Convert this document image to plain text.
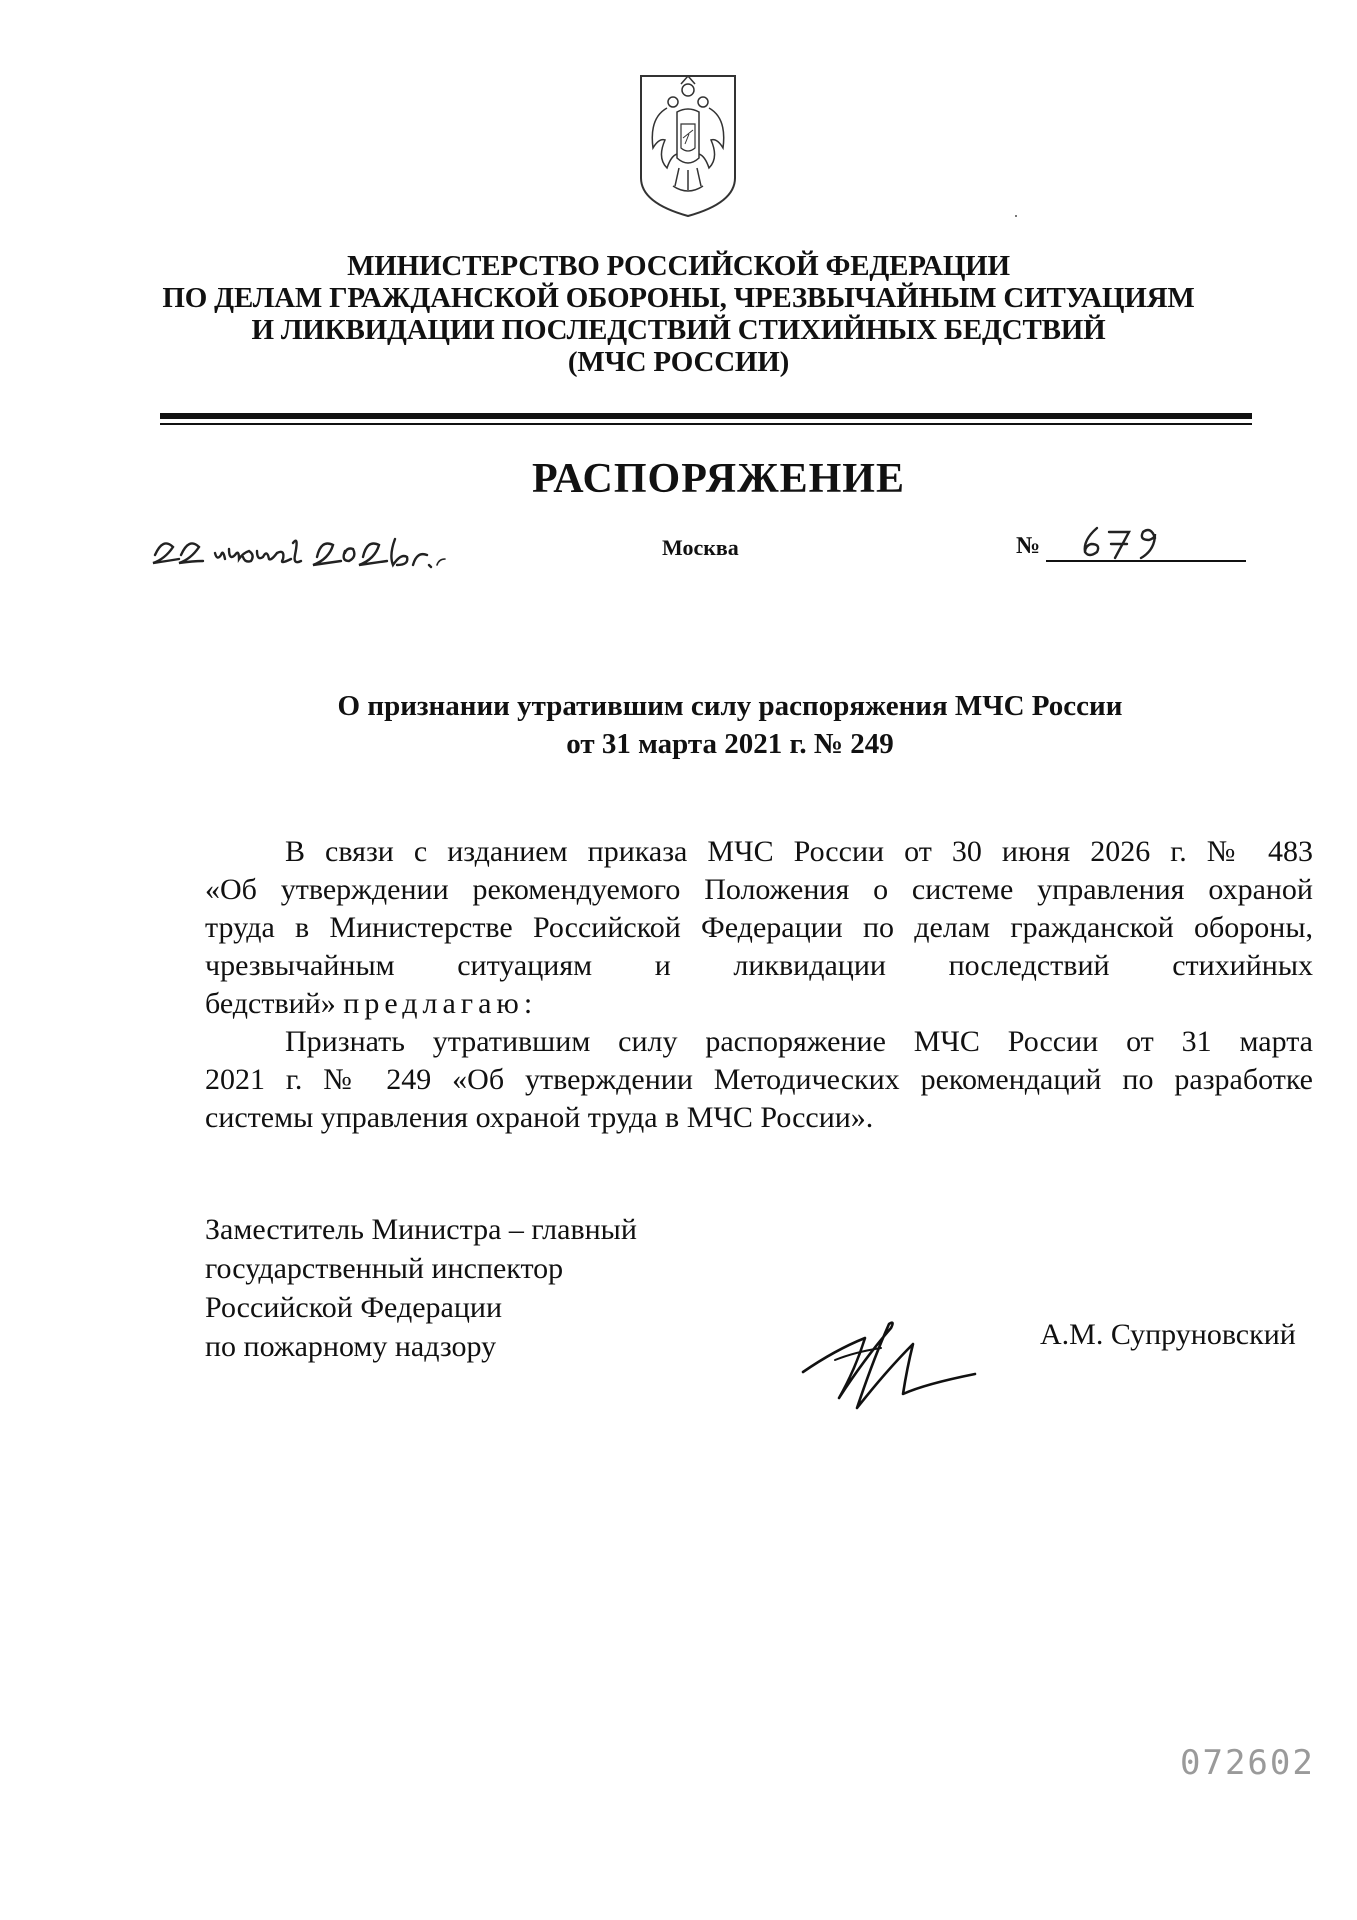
МИНИСТЕРСТВО РОССИЙСКОЙ ФЕДЕРАЦИИ
ПО ДЕЛАМ ГРАЖДАНСКОЙ ОБОРОНЫ, ЧРЕЗВЫЧАЙНЫМ СИТУАЦИЯМ
И ЛИКВИДАЦИИ ПОСЛЕДСТВИЙ СТИХИЙНЫХ БЕДСТВИЙ
(МЧС РОССИИ)
РАСПОРЯЖЕНИЕ
22 июля 2026 г.
Москва	№
679
О признании утратившим силу распоряжения МЧС России
от 31 марта 2021 г. № 249
В связи с изданием приказа МЧС России от 30 июня 2026 г. № 483
«Об утверждении рекомендуемого Положения о системе управления охраной
труда в Министерстве Российской Федерации по делам гражданской обороны,
чрезвычайным ситуациям и ликвидации последствий стихийных
бедствий» предлагаю:
Признать утратившим силу распоряжение МЧС России от 31 марта
2021 г. № 249 «Об утверждении Методических рекомендаций по разработке
системы управления охраной труда в МЧС России».
Заместитель Министра – главный
государственный инспектор
Российской Федерации
по пожарному надзору	А.М. Супруновский
072602
